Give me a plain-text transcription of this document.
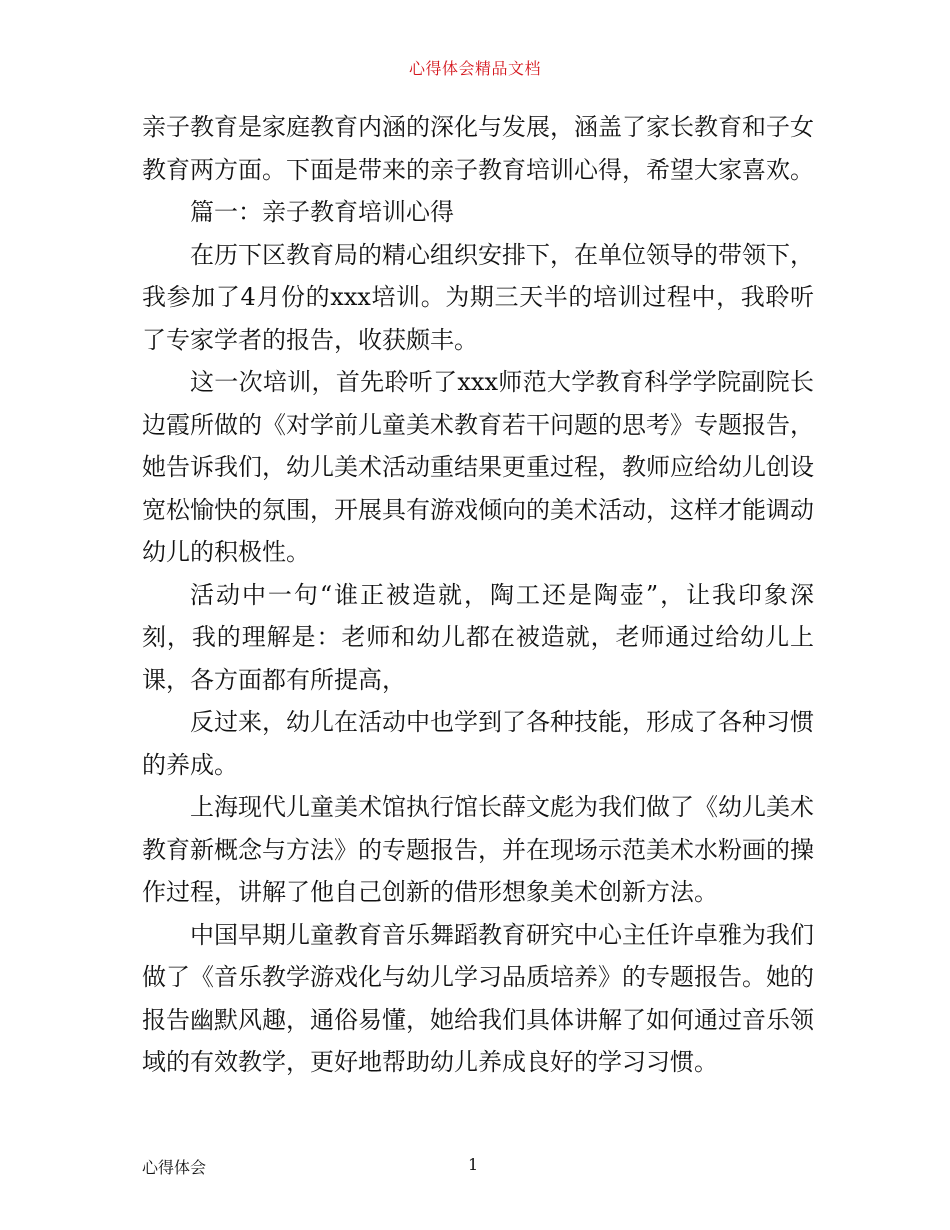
心得体会精品文档

亲子教育是家庭教育内涵的深化与发展，涵盖了家长教育和子女教育两方面。下面是带来的亲子教育培训心得，希望大家喜欢。

篇一：亲子教育培训心得

在历下区教育局的精心组织安排下，在单位领导的带领下，我参加了4月份的xxx培训。为期三天半的培训过程中，我聆听了专家学者的报告，收获颇丰。

这一次培训，首先聆听了xxx师范大学教育科学学院副院长边霞所做的《对学前儿童美术教育若干问题的思考》专题报告，她告诉我们，幼儿美术活动重结果更重过程，教师应给幼儿创设宽松愉快的氛围，开展具有游戏倾向的美术活动，这样才能调动幼儿的积极性。

活动中一句“谁正被造就，陶工还是陶壶”，让我印象深刻，我的理解是：老师和幼儿都在被造就，老师通过给幼儿上课，各方面都有所提高，

反过来，幼儿在活动中也学到了各种技能，形成了各种习惯的养成。

上海现代儿童美术馆执行馆长薛文彪为我们做了《幼儿美术教育新概念与方法》的专题报告，并在现场示范美术水粉画的操作过程，讲解了他自己创新的借形想象美术创新方法。

中国早期儿童教育音乐舞蹈教育研究中心主任许卓雅为我们做了《音乐教学游戏化与幼儿学习品质培养》的专题报告。她的报告幽默风趣，通俗易懂，她给我们具体讲解了如何通过音乐领域的有效教学，更好地帮助幼儿养成良好的学习习惯。

心得体会	1
